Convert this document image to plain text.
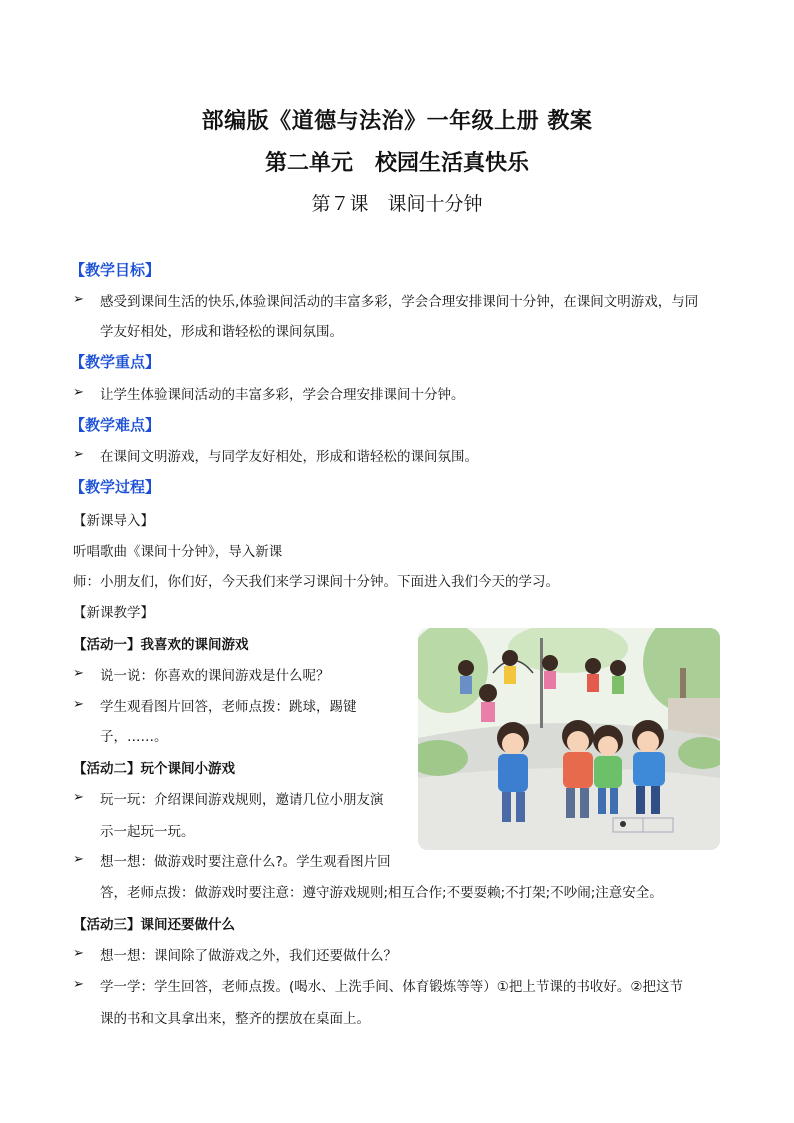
部编版《道德与法治》一年级上册 教案
第二单元　校园生活真快乐
第７课　课间十分钟
【教学目标】
➢ 感受到课间生活的快乐,体验课间活动的丰富多彩，学会合理安排课间十分钟，在课间文明游戏，与同
学友好相处，形成和谐轻松的课间氛围。
【教学重点】
➢ 让学生体验课间活动的丰富多彩，学会合理安排课间十分钟。
【教学难点】
➢ 在课间文明游戏，与同学友好相处，形成和谐轻松的课间氛围。
【教学过程】
【新课导入】
听唱歌曲《课间十分钟》，导入新课
师：小朋友们，你们好，今天我们来学习课间十分钟。下面进入我们今天的学习。
【新课教学】
【活动一】我喜欢的课间游戏
➢ 说一说：你喜欢的课间游戏是什么呢？
➢ 学生观看图片回答，老师点拨：跳球，踢键
子，……。
【活动二】玩个课间小游戏
➢ 玩一玩：介绍课间游戏规则，邀请几位小朋友演
示一起玩一玩。
➢ 想一想：做游戏时要注意什么?。学生观看图片回
答，老师点拨：做游戏时要注意：遵守游戏规则;相互合作;不要耍赖;不打架;不吵闹;注意安全。
【活动三】课间还要做什么
➢ 想一想：课间除了做游戏之外，我们还要做什么？
➢ 学一学：学生回答，老师点拨。(喝水、上洗手间、体育锻炼等等）①把上节课的书收好。②把这节
课的书和文具拿出来，整齐的摆放在桌面上。
